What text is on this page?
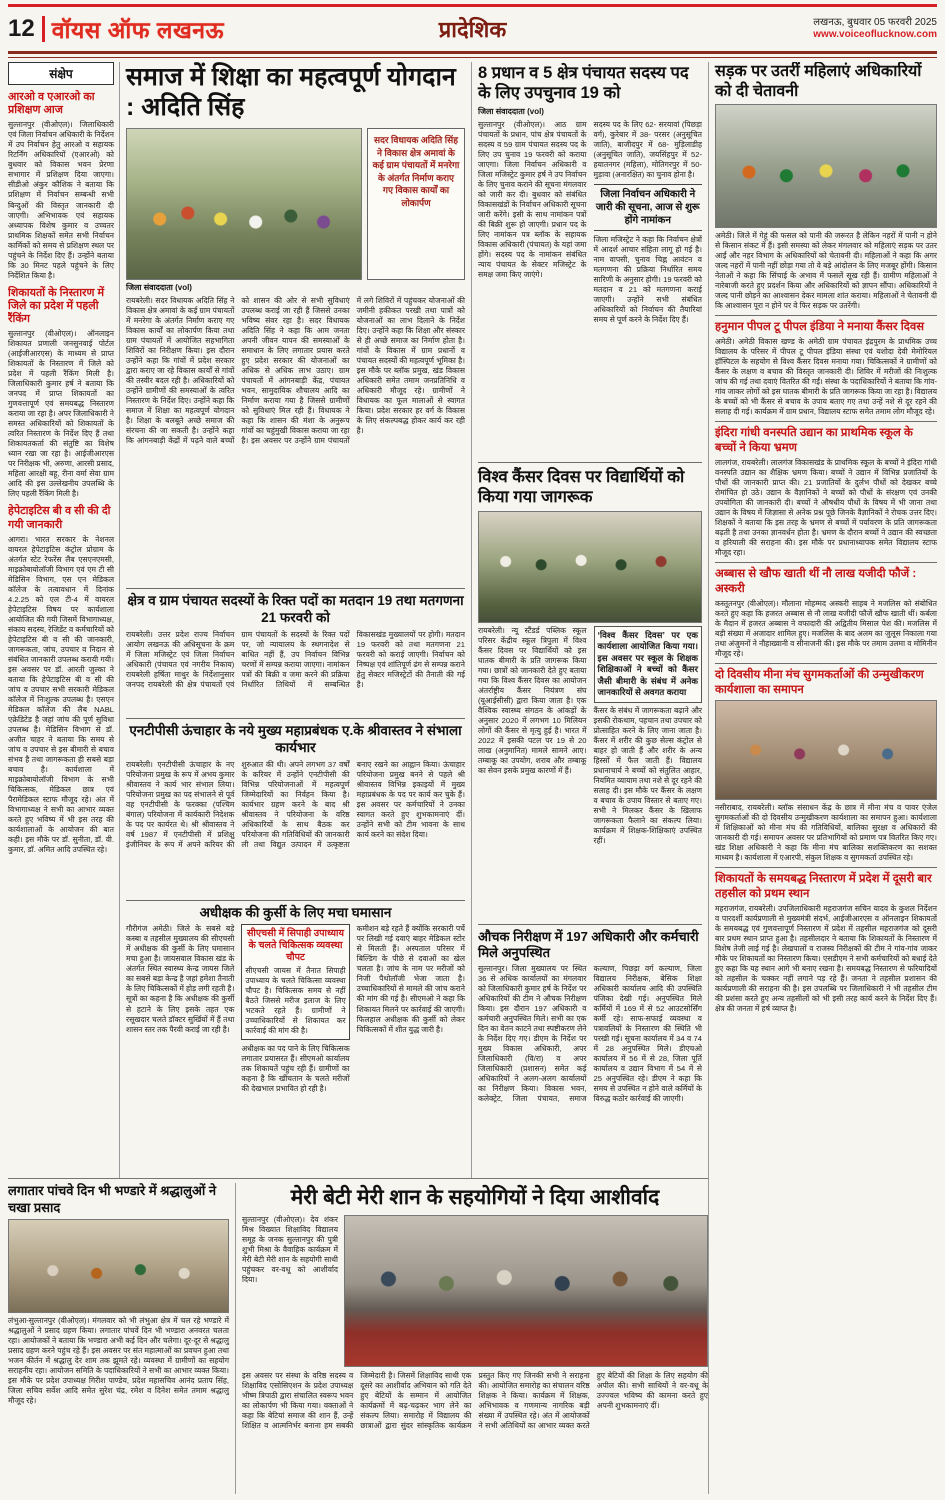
12 वॉयस ऑफ लखनऊ	प्रादेशिक	लखनऊ, बुधवार 05 फरवरी 2025
www.voiceoflucknow.com
संक्षेप
आरओ व एआरओ का प्रशिक्षण आज
सुल्तानपुर (वीओएल)। जिलाधिकारी एवं जिला निर्वाचन अधिकारी के निर्देशन में उप निर्वाचन हेतु आरओ व सहायक रिटर्निंग अधिकारियों (एआरओ) को बुधवार को विकास भवन प्रेरणा सभागार में प्रशिक्षण दिया जाएगा। सीडीओ अंकुर कौशिक ने बताया कि प्रशिक्षण में निर्वाचन सम्बन्धी सभी बिन्दुओं की विस्तृत जानकारी दी जाएगी। अभिभावक एवं सहायक अध्यापक विशेष कुमार व उच्चतर प्राथमिक शिक्षकों समेत सभी निर्वाचन कार्मिकों को समय से प्रशिक्षण स्थल पर पहुंचने के निर्देश दिए हैं। उन्होंने बताया कि 30 मिनट पहले पहुंचने के लिए निर्देशित किया है।
शिकायतों के निस्तारण में जिले का प्रदेश में पहली रैंकिंग
सुल्तानपुर (वीओएल)। ऑनलाइन शिकायत प्रणाली जनसुनवाई पोर्टल (आईजीआरएस) के माध्यम से प्राप्त शिकायतों के निस्तारण में जिले को प्रदेश में पहली रैंकिंग मिली है। जिलाधिकारी कुमार हर्ष ने बताया कि जनपद में प्राप्त शिकायतों का गुणवत्तापूर्ण एवं समयबद्ध निस्तारण कराया जा रहा है। अपर जिलाधिकारी ने समस्त अधिकारियों को शिकायतों के त्वरित निस्तारण के निर्देश दिए हैं तथा शिकायतकर्ता की संतुष्टि का विशेष ध्यान रखा जा रहा है। आईजीआरएस पर निरीक्षक भी, अरुणा, आरसी प्रसाद, महिला आरक्षी बहू, रीना वर्मा सेवा ग्राम आदि की इस उल्लेखनीय उपलब्धि के लिए पहली रैंकिंग मिली है।
हेपेटाइटिस बी व सी की दी गयी जानकारी
आगरा। भारत सरकार के नेशनल वायरल हेपेटाइटिस कंट्रोल प्रोग्राम के अंतर्गत स्टेट रेफरेंस लैब एसएनएमसी, माइक्रोबायोलॉजी विभाग एवं एम टी सी मेडिसिन विभाग, एस एन मेडिकल कॉलेज के तत्वावधान में दिनांक 4.2.25 को एल टी-4 में वायरल हेपेटाइटिस विषय पर कार्यशाला आयोजित की गयी जिसमें विभागाध्यक्ष, संकाय सदस्य, रेजिडेंट व कर्मचारियों को हेपेटाइटिस बी व सी की जानकारी, जागरूकता, जांच, उपचार व निदान से संबंधित जानकारी उपलब्ध करायी गयी। इस अवसर पर डॉ. आरती जुल्का ने बताया कि हेपेटाइटिस बी व सी की जांच व उपचार सभी सरकारी मेडिकल कॉलेज में निःशुल्क उपलब्ध है। एसएन मेडिकल कॉलेज की लैब NABL एक्रेडिटेड है जहां जांच की पूर्ण सुविधा उपलब्ध है। मेडिसिन विभाग से डॉ. अजीत चाहर ने बताया कि समय से जांच व उपचार से इस बीमारी से बचाव संभव है तथा जागरूकता ही सबसे बड़ा बचाव है। कार्यशाला में माइक्रोबायोलॉजी विभाग के सभी चिकित्सक, मेडिकल छात्र एवं पैरामेडिकल स्टाफ मौजूद रहे। अंत में विभागाध्यक्ष ने सभी का आभार व्यक्त करते हुए भविष्य में भी इस तरह की कार्यशालाओं के आयोजन की बात कही। इस मौके पर डॉ. सुनीता, डॉ. वी. कुमार, डॉ. अमित आदि उपस्थित रहे।
समाज में शिक्षा का महत्वपूर्ण योगदान : अदिति सिंह
सदर विधायक अदिति सिंह ने विकास क्षेत्र अमावां के कई ग्राम पंचायतों में मनरेगा के अंतर्गत निर्माण कराए गए विकास कार्यों का लोकार्पण
जिला संवाददाता (vol)
रायबरेली। सदर विधायक अदिति सिंह ने विकास क्षेत्र अमावां के कई ग्राम पंचायतों में मनरेगा के अंतर्गत निर्माण कराए गए विकास कार्यों का लोकार्पण किया तथा ग्राम पंचायतों में आयोजित सहभागिता शिविरों का निरीक्षण किया। इस दौरान उन्होंने कहा कि गांवों में प्रदेश सरकार द्वारा कराए जा रहे विकास कार्यों से गांवों की तस्वीर बदल रही है। अधिकारियों को उन्होंने ग्रामीणों की समस्याओं के त्वरित निस्तारण के निर्देश दिए। उन्होंने कहा कि समाज में शिक्षा का महत्वपूर्ण योगदान है। शिक्षा के बलबूते अच्छे समाज की संरचना की जा सकती है। उन्होंने कहा कि आंगनबाड़ी केंद्रों में पढ़ने वाले बच्चों को शासन की ओर से सभी सुविधाएं उपलब्ध कराई जा रही हैं जिससे उनका भविष्य संवर रहा है। सदर विधायक अदिति सिंह ने कहा कि आम जनता अपनी जीवन यापन की समस्याओं के समाधान के लिए लगातार प्रयास करते हुए प्रदेश सरकार की योजनाओं का अधिक से अधिक लाभ उठाए। ग्राम पंचायतों में आंगनबाड़ी केंद्र, पंचायत भवन, सामुदायिक शौचालय आदि का निर्माण कराया गया है जिससे ग्रामीणों को सुविधाएं मिल रही हैं। विधायक ने कहा कि शासन की मंशा के अनुरूप गांवों का चहुंमुखी विकास कराया जा रहा है। इस अवसर पर उन्होंने ग्राम पंचायतों में लगे शिविरों में पहुंचकर योजनाओं की जमीनी हकीकत परखी तथा पात्रों को योजनाओं का लाभ दिलाने के निर्देश दिए। उन्होंने कहा कि शिक्षा और संस्कार से ही अच्छे समाज का निर्माण होता है। गांवों के विकास में ग्राम प्रधानों व पंचायत सदस्यों की महत्वपूर्ण भूमिका है। इस मौके पर ब्लॉक प्रमुख, खंड विकास अधिकारी समेत तमाम जनप्रतिनिधि व अधिकारी मौजूद रहे। ग्रामीणों ने विधायक का फूल मालाओं से स्वागत किया। प्रदेश सरकार हर वर्ग के विकास के लिए संकल्पबद्ध होकर कार्य कर रही है।
क्षेत्र व ग्राम पंचायत सदस्यों के रिक्त पदों का मतदान 19 तथा मतगणना 21 फरवरी को
रायबरेली। उत्तर प्रदेश राज्य निर्वाचन आयोग लखनऊ की अधिसूचना के क्रम में जिला मजिस्ट्रेट एवं जिला निर्वाचन अधिकारी (पंचायत एवं नगरीय निकाय) रायबरेली हर्षिता माथुर के निर्देशानुसार जनपद रायबरेली की क्षेत्र पंचायतों एवं ग्राम पंचायतों के सदस्यों के रिक्त पदों पर, जो न्यायालय के स्थगनादेश से बाधित नहीं हैं, उप निर्वाचन विभिन्न चरणों में सम्पन्न कराया जाएगा। नामांकन पत्रों की बिक्री व जमा करने की प्रक्रिया निर्धारित तिथियों में सम्बन्धित विकासखंड मुख्यालयों पर होगी। मतदान 19 फरवरी को तथा मतगणना 21 फरवरी को कराई जाएगी। निर्वाचन को निष्पक्ष एवं शांतिपूर्ण ढंग से सम्पन्न कराने हेतु सेक्टर मजिस्ट्रेटों की तैनाती की गई है।
एनटीपीसी ऊंचाहार के नये मुख्य महाप्रबंधक ए.के श्रीवास्तव ने संभाला कार्यभार
रायबरेली। एनटीपीसी ऊंचाहार के नए परियोजना प्रमुख के रूप में अभय कुमार श्रीवास्तव ने कार्य भार संभाल लिया। परियोजना प्रमुख का पद संभालने से पूर्व वह एनटीपीसी के फरक्का (पश्चिम बंगाल) परियोजना में कार्यकारी निदेशक के पद पर कार्यरत थे। श्री श्रीवास्तव ने वर्ष 1987 में एनटीपीसी में प्रशिक्षु इंजीनियर के रूप में अपने करियर की शुरुआत की थी। अपने लगभग 37 वर्षों के करियर में उन्होंने एनटीपीसी की विभिन्न परियोजनाओं में महत्वपूर्ण जिम्मेदारियों का निर्वहन किया है। कार्यभार ग्रहण करने के बाद श्री श्रीवास्तव ने परियोजना के वरिष्ठ अधिकारियों के साथ बैठक कर परियोजना की गतिविधियों की जानकारी ली तथा विद्युत उत्पादन में उत्कृष्टता बनाए रखने का आह्वान किया। ऊंचाहार परियोजना प्रमुख बनने से पहले श्री श्रीवास्तव विभिन्न इकाइयों में मुख्य महाप्रबंधक के पद पर कार्य कर चुके हैं। इस अवसर पर कर्मचारियों ने उनका स्वागत करते हुए शुभकामनाएं दीं। उन्होंने सभी को टीम भावना के साथ कार्य करने का संदेश दिया।
अधीक्षक की कुर्सी के लिए मचा घमासान
गौरीगंज अमेठी। जिले के सबसे बड़े कस्बा व तहसील मुख्यालय की सीएचसी में अधीक्षक की कुर्सी के लिए घमासान मचा हुआ है। जायसवाल विकास खंड के अंतर्गत स्थित स्वास्थ्य केन्द्र जायस जिले का सबसे बड़ा केन्द्र है जहां हमेशा तैनाती के लिए चिकित्सकों में होड़ लगी रहती है। सूत्रों का कहना है कि अधीक्षक की कुर्सी से हटाने के लिए इसके तहत एक रसूखदार चलते डॉक्टर सुर्खियों में हैं तथा शासन स्तर तक पैरवी कराई जा रही है।
सीएचसी में सिपाही उपाध्याय के चलते चिकित्सक व्यवस्था चौपट
सीएचसी जायस में तैनात सिपाही उपाध्याय के चलते चिकित्सा व्यवस्था चौपट है। चिकित्सक समय से नहीं बैठते जिससे मरीज इलाज के लिए भटकते रहते हैं। ग्रामीणों ने उच्चाधिकारियों से शिकायत कर कार्रवाई की मांग की है।
अधीक्षक का पद पाने के लिए चिकित्सक लगातार प्रयासरत हैं। सीएमओ कार्यालय तक शिकायतें पहुंच रही हैं। ग्रामीणों का कहना है कि खींचतान के चलते मरीजों की देखभाल प्रभावित हो रही है।
कमीशन बड़े रहते हैं क्योंकि सरकारी पर्चे पर लिखी गई दवाएं बाहर मेडिकल स्टोर से मिलती हैं। अस्पताल परिसर में बिल्डिंग के पीछे से दवाओं का खेल चलता है। जांच के नाम पर मरीजों को निजी पैथोलॉजी भेजा जाता है। उच्चाधिकारियों से मामले की जांच कराने की मांग की गई है। सीएमओ ने कहा कि शिकायत मिलने पर कार्रवाई की जाएगी। फिलहाल अधीक्षक की कुर्सी को लेकर चिकित्सकों में शीत युद्ध जारी है।
8 प्रधान व 5 क्षेत्र पंचायत सदस्य पद के लिए उपचुनाव 19 को
जिला संवाददाता (vol)
सुल्तानपुर (वीओएल)। आठ ग्राम पंचायतों के प्रधान, पांच क्षेत्र पंचायतों के सदस्य व 59 ग्राम पंचायत सदस्य पद के लिए उप चुनाव 19 फरवरी को कराया जाएगा। जिला निर्वाचन अधिकारी व जिला मजिस्ट्रेट कुमार हर्ष ने उप निर्वाचन के लिए चुनाव कराने की सूचना मंगलवार को जारी कर दी। बुधवार को संबंधित विकासखंडों के निर्वाचन अधिकारी सूचना जारी करेंगे। इसी के साथ नामांकन पत्रों की बिक्री शुरू हो जाएगी। प्रधान पद के लिए नामांकन पत्र ब्लॉक के सहायक विकास अधिकारी (पंचायत) के यहां जमा होंगे। सदस्य पद के नामांकन संबंधित न्याय पंचायत के सेक्टर मजिस्ट्रेट के समक्ष जमा किए जाएंगे।
सदस्य पद के लिए 62- सरयावां (पिछड़ा वर्ग), कुरेबार में 38- परसर (अनुसूचित जाति), बाजीदपुर में 68- मुड़िलाडीह (अनुसूचित जाति), जयसिंहपुर में 52- हयातनगर (महिला), मोतिगरपुर में 50- मुड़ावा (अनारक्षित) का चुनाव होना है।
जिला निर्वाचन अधिकारी ने जारी की सूचना, आज से शुरू होंगे नामांकन
जिला मजिस्ट्रेट ने कहा कि निर्वाचन क्षेत्रों में आदर्श आचार संहिता लागू हो गई है। नाम वापसी, चुनाव चिह्न आवंटन व मतगणना की प्रक्रिया निर्धारित समय सारिणी के अनुसार होगी। 19 फरवरी को मतदान व 21 को मतगणना कराई जाएगी। उन्होंने सभी संबंधित अधिकारियों को निर्वाचन की तैयारियां समय से पूर्ण करने के निर्देश दिए हैं।
विश्व कैंसर दिवस पर विद्यार्थियों को किया गया जागरूक
रायबरेली। न्यू स्टैंडर्ड पब्लिक स्कूल परिसर केंद्रीय स्कूल त्रिपुला में विश्व कैंसर दिवस पर विद्यार्थियों को इस घातक बीमारी के प्रति जागरूक किया गया। छात्रों को जानकारी देते हुए बताया गया कि विश्व कैंसर दिवस का आयोजन अंतर्राष्ट्रीय कैंसर नियंत्रण संघ (यूआईसीसी) द्वारा किया जाता है। एक वैश्विक स्वास्थ्य संगठन के आंकड़ों के अनुसार 2020 में लगभग 10 मिलियन लोगों की कैंसर से मृत्यु हुई है। भारत में 2022 में इसकी पटल पर 19 से 20 लाख (अनुमानित) मामले सामने आए। तम्बाकू का उपयोग, शराब और तम्बाकू का सेवन इसके प्रमुख कारणों में हैं।
‘विश्व कैंसर दिवस’ पर एक कार्यशाला आयोजित किया गया। इस अवसर पर स्कूल के शिक्षक शिक्षिकाओं ने बच्चों को कैंसर जैसी बीमारी के संबंध में अनेक जानकारियों से अवगत कराया
कैंसर के संबंध में जागरूकता बढ़ाने और इसकी रोकथाम, पहचान तथा उपचार को प्रोत्साहित करने के लिए जाना जाता है। कैंसर में शरीर की कुछ सेल्स कंट्रोल से बाहर हो जाती हैं और शरीर के अन्य हिस्सों में फैल जाती हैं। विद्यालय प्रधानाचार्य ने बच्चों को संतुलित आहार, नियमित व्यायाम तथा नशे से दूर रहने की सलाह दी। इस मौके पर कैंसर के लक्षण व बचाव के उपाय विस्तार से बताए गए। सभी ने मिलकर कैंसर के खिलाफ जागरूकता फैलाने का संकल्प लिया। कार्यक्रम में शिक्षक-शिक्षिकाएं उपस्थित रहीं।
औचक निरीक्षण में 197 अधिकारी और कर्मचारी मिले अनुपस्थित
सुल्तानपुर। जिला मुख्यालय पर स्थित 36 से अधिक कार्यालयों का मंगलवार को जिलाधिकारी कुमार हर्ष के निर्देश पर अधिकारियों की टीम ने औचक निरीक्षण किया। इस दौरान 197 अधिकारी व कर्मचारी अनुपस्थित मिले। सभी का एक दिन का वेतन काटने तथा स्पष्टीकरण लेने के निर्देश दिए गए। डीएम के निर्देश पर मुख्य विकास अधिकारी, अपर जिलाधिकारी (वि/रा) व अपर जिलाधिकारी (प्रशासन) समेत कई अधिकारियों ने अलग-अलग कार्यालयों का निरीक्षण किया। विकास भवन, कलेक्ट्रेट, जिला पंचायत, समाज कल्याण, पिछड़ा वर्ग कल्याण, जिला विद्यालय निरीक्षक, बेसिक शिक्षा अधिकारी कार्यालय आदि की उपस्थिति पंजिका देखी गई। अनुपस्थित मिले कर्मियों में 169 में से 52 आउटसोर्सिंग कर्मी रहे। साफ-सफाई व्यवस्था व पत्रावलियों के निस्तारण की स्थिति भी परखी गई। सूचना कार्यालय में 34 व 74 में 28 अनुपस्थित मिले। डीएचओ कार्यालय में 56 में से 28, जिला पूर्ति कार्यालय व उद्यान विभाग में 54 में से 25 अनुपस्थित रहे। डीएम ने कहा कि समय से उपस्थित न होने वाले कर्मियों के विरुद्ध कठोर कार्रवाई की जाएगी।
लगातार पांचवे दिन भी भण्डारे में श्रद्धालुओं ने चखा प्रसाद
लंभुआ-सुल्तानपुर (वीओएल)। मंगलवार को भी लंभुआ क्षेत्र में चल रहे भण्डारे में श्रद्धालुओं ने प्रसाद ग्रहण किया। लगातार पांचवें दिन भी भण्डारा अनवरत चलता रहा। आयोजकों ने बताया कि भण्डारा अभी कई दिन और चलेगा। दूर-दूर से श्रद्धालु प्रसाद ग्रहण करने पहुंच रहे हैं। इस अवसर पर संत महात्माओं का प्रवचन हुआ तथा भजन कीर्तन में श्रद्धालु देर शाम तक झूमते रहे। व्यवस्था में ग्रामीणों का सहयोग सराहनीय रहा। आयोजन समिति के पदाधिकारियों ने सभी का आभार व्यक्त किया। इस मौके पर प्रदेश उपाध्यक्ष गिरीश पाण्डेय, प्रदेश महासचिव आनंद प्रताप सिंह, जिला सचिव सर्वेश आदि समेत सुरेश चंद्र, रमेश व दिनेश समेत तमाम श्रद्धालु मौजूद रहे।
मेरी बेटी मेरी शान के सहयोगियों ने दिया आशीर्वाद
सुल्तानपुर (वीओएल)। देव शंकर मिश्र विख्यात शिक्षाविद विद्यालय समूह के जनक सुल्तानपुर की पुत्री शुभी मिश्रा के वैवाहिक कार्यक्रम में मेरी बेटी मेरी शान के सहयोगी साथी पहुंचकर वर-वधू को आशीर्वाद दिया।
इस अवसर पर संस्था के वरिष्ठ सदस्य व शिक्षाविद एसोसिएशन के प्रदेश उपाध्यक्ष भीष्म त्रिपाठी द्वारा संचालित स्वरूप भवन का लोकार्पण भी किया गया। वक्ताओं ने कहा कि बेटियां समाज की शान हैं, उन्हें शिक्षित व आत्मनिर्भर बनाना हम सबकी जिम्मेदारी है। जिसमें शिक्षाविद साथी एक दूसरे का आशीर्वाद अभियान को गति देते हुए बेटियों के सम्मान में आयोजित कार्यक्रमों में बढ़-चढ़कर भाग लेने का संकल्प लिया। समारोह में विद्यालय की छात्राओं द्वारा सुंदर सांस्कृतिक कार्यक्रम प्रस्तुत किए गए जिनकी सभी ने सराहना की। आयोजित समारोह का संचालन वरिष्ठ शिक्षक ने किया। कार्यक्रम में शिक्षक, अभिभावक व गणमान्य नागरिक बड़ी संख्या में उपस्थित रहे। अंत में आयोजकों ने सभी अतिथियों का आभार व्यक्त करते हुए बेटियों की शिक्षा के लिए सहयोग की अपील की। सभी साथियों ने वर-वधू के उज्ज्वल भविष्य की कामना करते हुए अपनी शुभकामनाएं दीं।
सड़क पर उतरीं महिलाएं अधिकारियों को दी चेतावनी
अमेठी। जिले में गेहूं की फसल को पानी की जरूरत है लेकिन नहरों में पानी न होने से किसान संकट में हैं। इसी समस्या को लेकर मंगलवार को महिलाएं सड़क पर उतर आईं और नहर विभाग के अधिकारियों को चेतावनी दी। महिलाओं ने कहा कि अगर जल्द नहरों में पानी नहीं छोड़ा गया तो वे बड़े आंदोलन के लिए मजबूर होंगी। किसान नेताओं ने कहा कि सिंचाई के अभाव में फसलें सूख रही हैं। ग्रामीण महिलाओं ने नारेबाजी करते हुए प्रदर्शन किया और अधिकारियों को ज्ञापन सौंपा। अधिकारियों ने जल्द पानी छोड़ने का आश्वासन देकर मामला शांत कराया। महिलाओं ने चेतावनी दी कि आश्वासन पूरा न होने पर वे फिर सड़क पर उतरेंगी।
हनुमान पीपल टू पीपल इंडिया ने मनाया कैंसर दिवस
अमेठी। अमेठी विकास खण्ड के अमेठी ग्राम पंचायत इंद्रपुरम के प्राथमिक उच्च विद्यालय के परिसर में पीपल टू पीपल इंडिया संस्था एवं यशोदा देवी मेमोरियल हॉस्पिटल के सहयोग से विश्व कैंसर दिवस मनाया गया। चिकित्सकों ने ग्रामीणों को कैंसर के लक्षण व बचाव की विस्तृत जानकारी दी। शिविर में मरीजों की निःशुल्क जांच की गई तथा दवाएं वितरित की गईं। संस्था के पदाधिकारियों ने बताया कि गांव-गांव जाकर लोगों को इस घातक बीमारी के प्रति जागरूक किया जा रहा है। विद्यालय के बच्चों को भी कैंसर से बचाव के उपाय बताए गए तथा उन्हें नशे से दूर रहने की सलाह दी गई। कार्यक्रम में ग्राम प्रधान, विद्यालय स्टाफ समेत तमाम लोग मौजूद रहे।
इंदिरा गांधी वनस्पति उद्यान का प्राथमिक स्कूल के बच्चों ने किया भ्रमण
लालगंज, रायबरेली। लालगंज विकासखंड के प्राथमिक स्कूल के बच्चों ने इंदिरा गांधी वनस्पति उद्यान का शैक्षिक भ्रमण किया। बच्चों ने उद्यान में विभिन्न प्रजातियों के पौधों की जानकारी प्राप्त की। 21 प्रजातियों के दुर्लभ पौधों को देखकर बच्चे रोमांचित हो उठे। उद्यान के वैज्ञानिकों ने बच्चों को पौधों के संरक्षण एवं उनकी उपयोगिता की जानकारी दी। बच्चों ने औषधीय पौधों के विषय में भी जाना तथा उद्यान के विषय में जिज्ञासा से अनेक प्रश्न पूछे जिनके वैज्ञानिकों ने रोचक उत्तर दिए। शिक्षकों ने बताया कि इस तरह के भ्रमण से बच्चों में पर्यावरण के प्रति जागरूकता बढ़ती है तथा उनका ज्ञानवर्धन होता है। भ्रमण के दौरान बच्चों ने उद्यान की स्वच्छता व हरियाली की सराहना की। इस मौके पर प्रधानाध्यापक समेत विद्यालय स्टाफ मौजूद रहा।
अब्बास से खौफ खाती थीं नौ लाख यजीदी फौजें : अस्करी
कस्तूतनपुर (वीओएल)। मौलाना मोहम्मद अस्करी साहब ने मजलिस को संबोधित करते हुए कहा कि हजरत अब्बास से नौ लाख यजीदी फौजें खौफ खाती थीं। कर्बला के मैदान में हजरत अब्बास ने वफादारी की अद्वितीय मिसाल पेश की। मजलिस में बड़ी संख्या में अजादार शामिल हुए। मजलिस के बाद अलम का जुलूस निकाला गया तथा अंजुमनों ने नौहाख्वानी व सीनाजनी की। इस मौके पर तमाम उलमा व मोमिनीन मौजूद रहे।
दो दिवसीय मीना मंच सुगमकर्ताओं की उन्मुखीकरण कार्यशाला का समापन
नसीराबाद, रायबरेली। ब्लॉक संसाधन केंद्र के छात्र में मीना मंच व पावर एंजेल सुगमकर्ताओं की दो दिवसीय उन्मुखीकरण कार्यशाला का समापन हुआ। कार्यशाला में शिक्षिकाओं को मीना मंच की गतिविधियों, बालिका सुरक्षा व अधिकारों की जानकारी दी गई। समापन अवसर पर प्रतिभागियों को प्रमाण पत्र वितरित किए गए। खंड शिक्षा अधिकारी ने कहा कि मीना मंच बालिका सशक्तिकरण का सशक्त माध्यम है। कार्यशाला में एआरपी, संकुल शिक्षक व सुगमकर्ता उपस्थित रहे।
शिकायतों के समयबद्ध निस्तारण में प्रदेश में दूसरी बार तहसील को प्रथम स्थान
महराजगंज, रायबरेली। उपजिलाधिकारी महराजगंज सचिन यादव के कुशल निर्देशन व पारदर्शी कार्यप्रणाली से मुख्यमंत्री संदर्भ, आईजीआरएस व ऑनलाइन शिकायतों के समयबद्ध एवं गुणवत्तापूर्ण निस्तारण में प्रदेश में तहसील महराजगंज को दूसरी बार प्रथम स्थान प्राप्त हुआ है। तहसीलदार ने बताया कि शिकायतों के निस्तारण में विशेष तेजी लाई गई है। लेखपालों व राजस्व निरीक्षकों की टीम ने गांव-गांव जाकर मौके पर शिकायतों का निस्तारण किया। एसडीएम ने सभी कर्मचारियों को बधाई देते हुए कहा कि यह स्थान आगे भी बनाए रखना है। समयबद्ध निस्तारण से फरियादियों को तहसील के चक्कर नहीं लगाने पड़ रहे हैं। जनता ने तहसील प्रशासन की कार्यप्रणाली की सराहना की है। इस उपलब्धि पर जिलाधिकारी ने भी तहसील टीम की प्रशंसा करते हुए अन्य तहसीलों को भी इसी तरह कार्य करने के निर्देश दिए हैं। क्षेत्र की जनता में हर्ष व्याप्त है।
